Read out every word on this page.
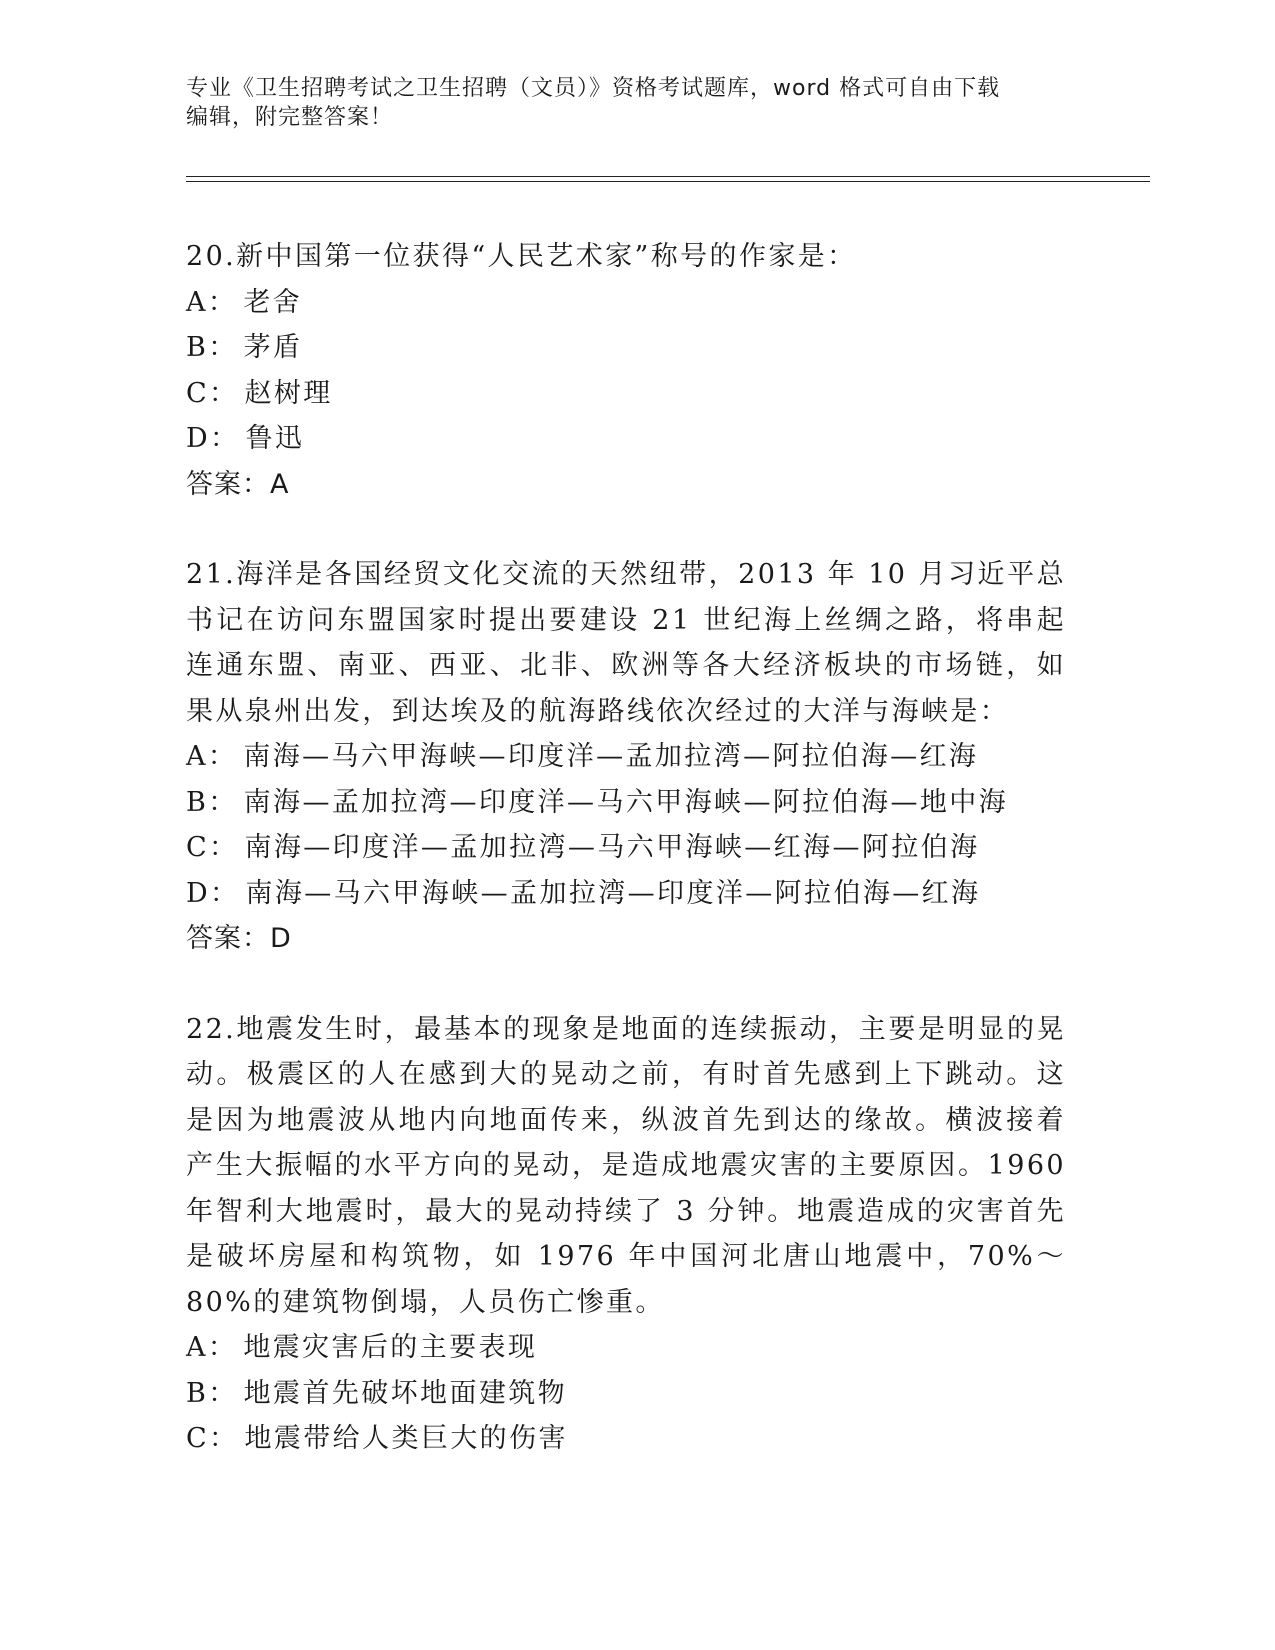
专业《卫生招聘考试之卫生招聘（文员）》资格考试题库，word 格式可自由下载
编辑，附完整答案！

20.新中国第一位获得“人民艺术家”称号的作家是：

A： 老舍

B： 茅盾

C： 赵树理

D： 鲁迅

答案：A

21.海洋是各国经贸文化交流的天然纽带，2013 年 10 月习近平总书记在访问东盟国家时提出要建设 21 世纪海上丝绸之路，将串起连通东盟、南亚、西亚、北非、欧洲等各大经济板块的市场链，如果从泉州出发，到达埃及的航海路线依次经过的大洋与海峡是：

A： 南海—马六甲海峡—印度洋—孟加拉湾—阿拉伯海—红海

B： 南海—孟加拉湾—印度洋—马六甲海峡—阿拉伯海—地中海

C： 南海—印度洋—孟加拉湾—马六甲海峡—红海—阿拉伯海

D： 南海—马六甲海峡—孟加拉湾—印度洋—阿拉伯海—红海

答案：D

22.地震发生时，最基本的现象是地面的连续振动，主要是明显的晃动。极震区的人在感到大的晃动之前，有时首先感到上下跳动。这是因为地震波从地内向地面传来，纵波首先到达的缘故。横波接着产生大振幅的水平方向的晃动，是造成地震灾害的主要原因。1960 年智利大地震时，最大的晃动持续了 3 分钟。地震造成的灾害首先是破坏房屋和构筑物，如 1976 年中国河北唐山地震中，70%～80%的建筑物倒塌，人员伤亡惨重。

A： 地震灾害后的主要表现

B： 地震首先破坏地面建筑物

C： 地震带给人类巨大的伤害
